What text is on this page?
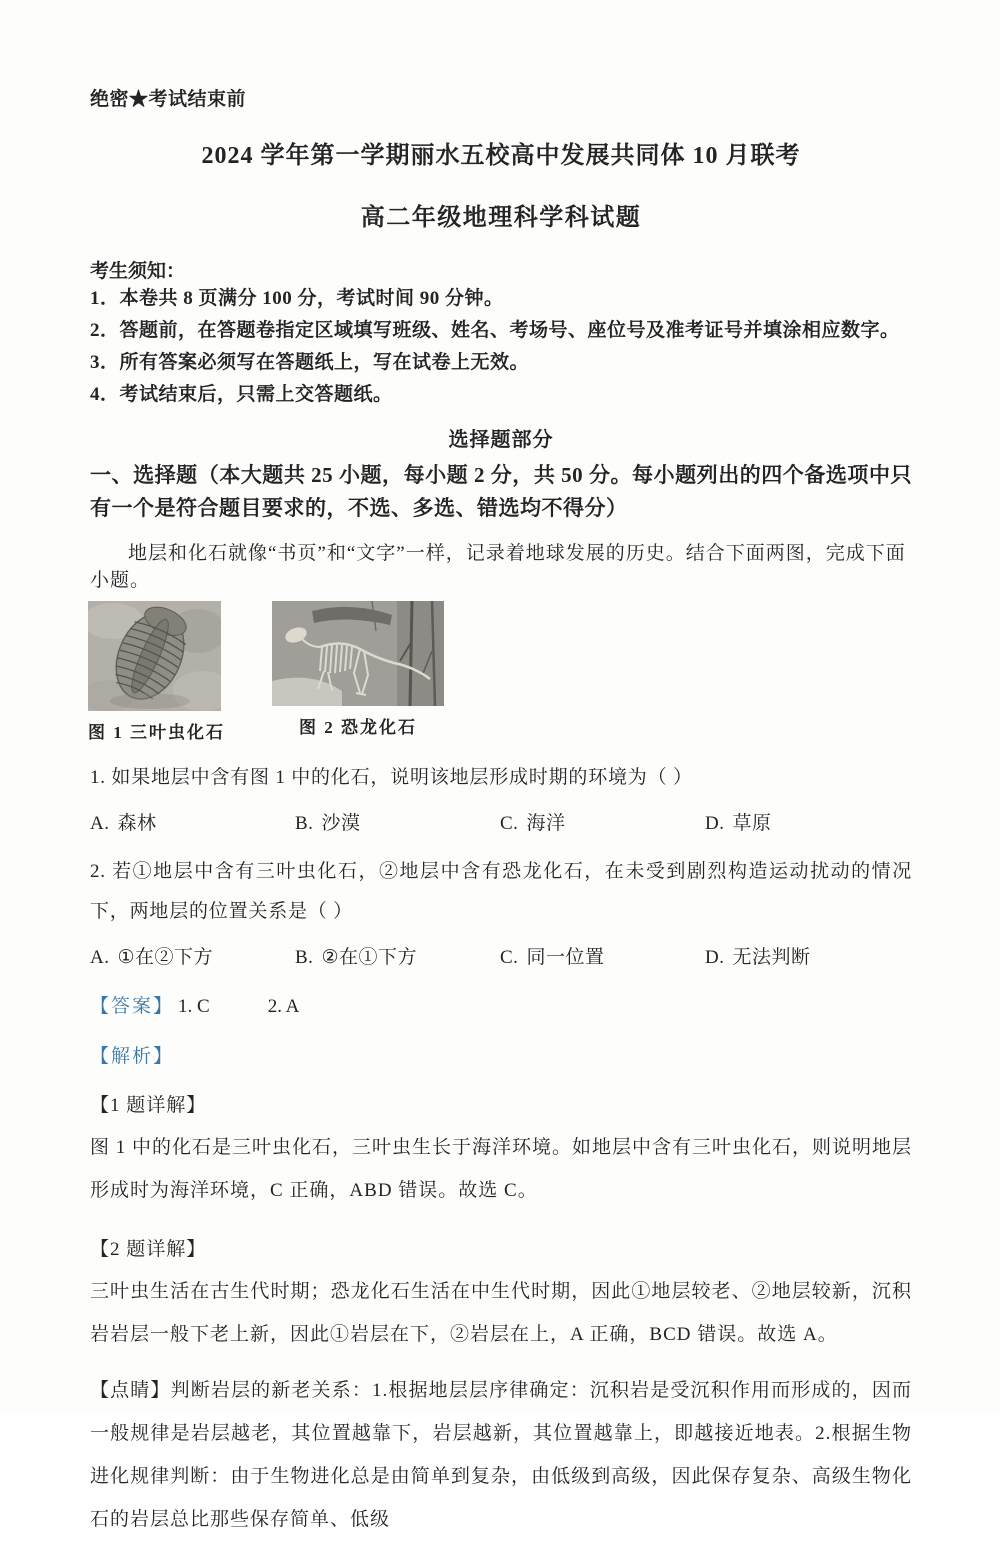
绝密★考试结束前
2024 学年第一学期丽水五校高中发展共同体 10 月联考
高二年级地理科学科试题
考生须知：
1．本卷共 8 页满分 100 分，考试时间 90 分钟。
2．答题前，在答题卷指定区域填写班级、姓名、考场号、座位号及准考证号并填涂相应数字。
3．所有答案必须写在答题纸上，写在试卷上无效。
4．考试结束后，只需上交答题纸。
选择题部分
一、选择题（本大题共 25 小题，每小题 2 分，共 50 分。每小题列出的四个备选项中只有一个是符合题目要求的，不选、多选、错选均不得分）
地层和化石就像“书页”和“文字”一样，记录着地球发展的历史。结合下面两图，完成下面小题。
图 1 三叶虫化石	图 2 恐龙化石
1. 如果地层中含有图 1 中的化石，说明该地层形成时期的环境为（ ）
A. 森林	B. 沙漠	C. 海洋	D. 草原
2. 若①地层中含有三叶虫化石，②地层中含有恐龙化石，在未受到剧烈构造运动扰动的情况下，两地层的位置关系是（ ）
A. ①在②下方	B. ②在①下方	C. 同一位置	D. 无法判断
【答案】 1. C	2. A
【解析】
【1 题详解】
图 1 中的化石是三叶虫化石，三叶虫生长于海洋环境。如地层中含有三叶虫化石，则说明地层形成时为海洋环境，C 正确，ABD 错误。故选 C。
【2 题详解】
三叶虫生活在古生代时期；恐龙化石生活在中生代时期，因此①地层较老、②地层较新，沉积岩岩层一般下老上新，因此①岩层在下，②岩层在上，A 正确，BCD 错误。故选 A。
【点睛】判断岩层的新老关系：1.根据地层层序律确定：沉积岩是受沉积作用而形成的，因而一般规律是岩层越老，其位置越靠下，岩层越新，其位置越靠上，即越接近地表。2.根据生物进化规律判断：由于生物进化总是由简单到复杂，由低级到高级，因此保存复杂、高级生物化石的岩层总比那些保存简单、低级
